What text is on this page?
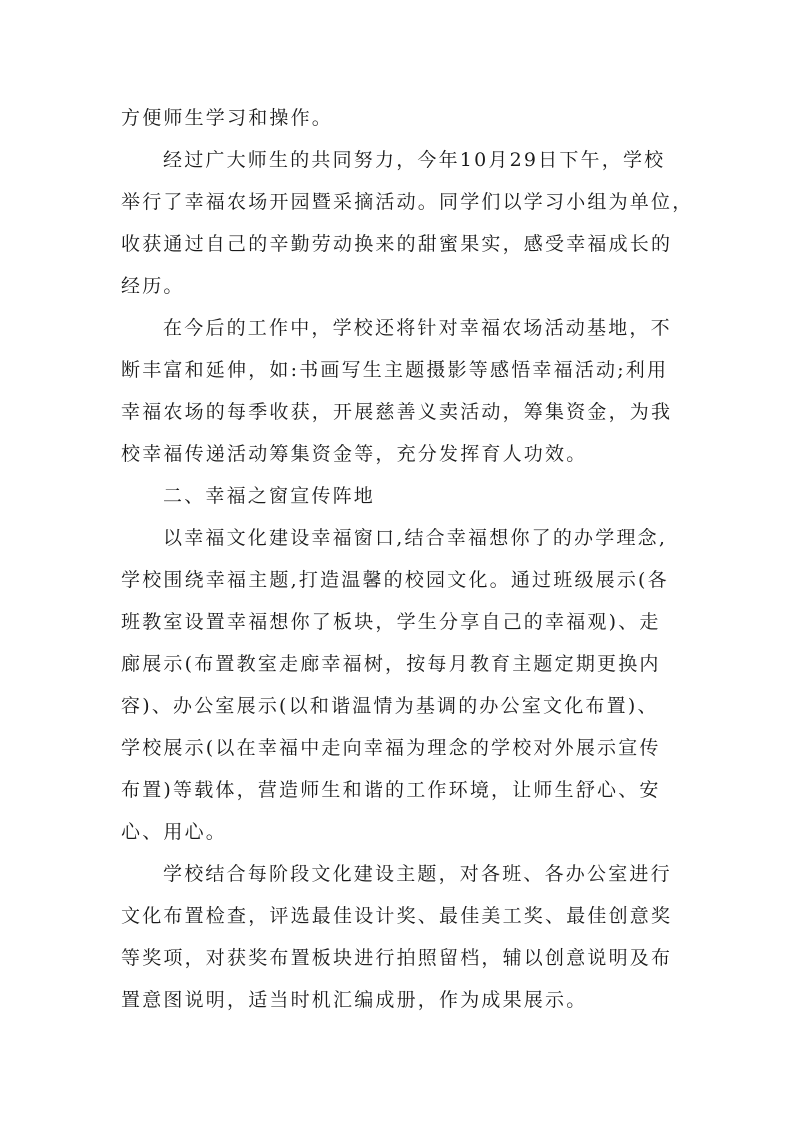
方便师生学习和操作。
经过广大师生的共同努力，今年10月29日下午，学校
举行了幸福农场开园暨采摘活动。同学们以学习小组为单位，
收获通过自己的辛勤劳动换来的甜蜜果实，感受幸福成长的
经历。
在今后的工作中，学校还将针对幸福农场活动基地，不
断丰富和延伸，如:书画写生主题摄影等感悟幸福活动;利用
幸福农场的每季收获，开展慈善义卖活动，筹集资金，为我
校幸福传递活动筹集资金等，充分发挥育人功效。
二、幸福之窗宣传阵地
以幸福文化建设幸福窗口,结合幸福想你了的办学理念,
学校围绕幸福主题,打造温馨的校园文化。通过班级展示(各
班教室设置幸福想你了板块，学生分享自己的幸福观)、走
廊展示(布置教室走廊幸福树，按每月教育主题定期更换内
容)、办公室展示(以和谐温情为基调的办公室文化布置)、
学校展示(以在幸福中走向幸福为理念的学校对外展示宣传
布置)等载体，营造师生和谐的工作环境，让师生舒心、安
心、用心。
学校结合每阶段文化建设主题，对各班、各办公室进行
文化布置检查，评选最佳设计奖、最佳美工奖、最佳创意奖
等奖项，对获奖布置板块进行拍照留档，辅以创意说明及布
置意图说明，适当时机汇编成册，作为成果展示。
